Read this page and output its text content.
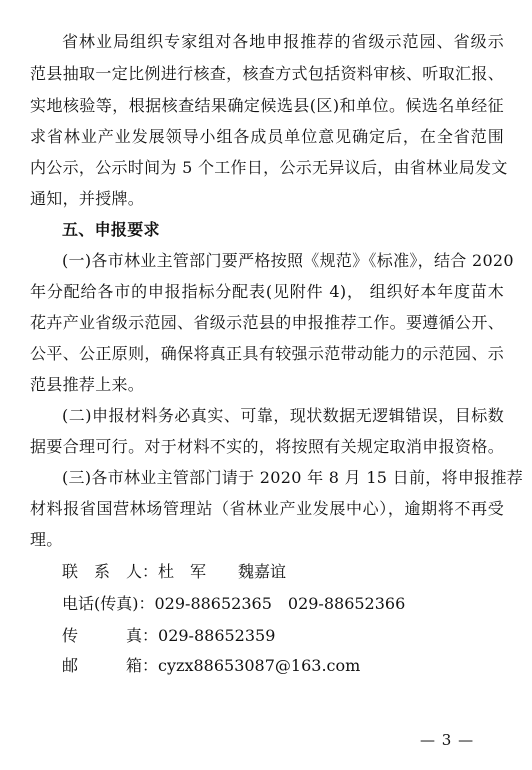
省林业局组织专家组对各地申报推荐的省级示范园、省级示
范县抽取一定比例进行核查，核查方式包括资料审核、听取汇报、
实地核验等，根据核查结果确定候选县(区)和单位。候选名单经征
求省林业产业发展领导小组各成员单位意见确定后，在全省范围
内公示，公示时间为 5 个工作日，公示无异议后，由省林业局发文
通知，并授牌。
五、申报要求
(一)各市林业主管部门要严格按照《规范》《标准》，结合 2020
年分配给各市的申报指标分配表(见附件 4)， 组织好本年度苗木
花卉产业省级示范园、省级示范县的申报推荐工作。要遵循公开、
公平、公正原则，确保将真正具有较强示范带动能力的示范园、示
范县推荐上来。
(二)申报材料务必真实、可靠，现状数据无逻辑错误，目标数
据要合理可行。对于材料不实的，将按照有关规定取消申报资格。
(三)各市林业主管部门请于 2020 年 8 月 15 日前，将申报推荐
材料报省国营林场管理站（省林业产业发展中心），逾期将不再受
理。
联　系　人：杜　军　　魏嘉谊
电话(传真)：029-88652365　029-88652366
传　　　真：029-88652359
邮　　　箱：cyzx88653087@163.com
— 3 —
